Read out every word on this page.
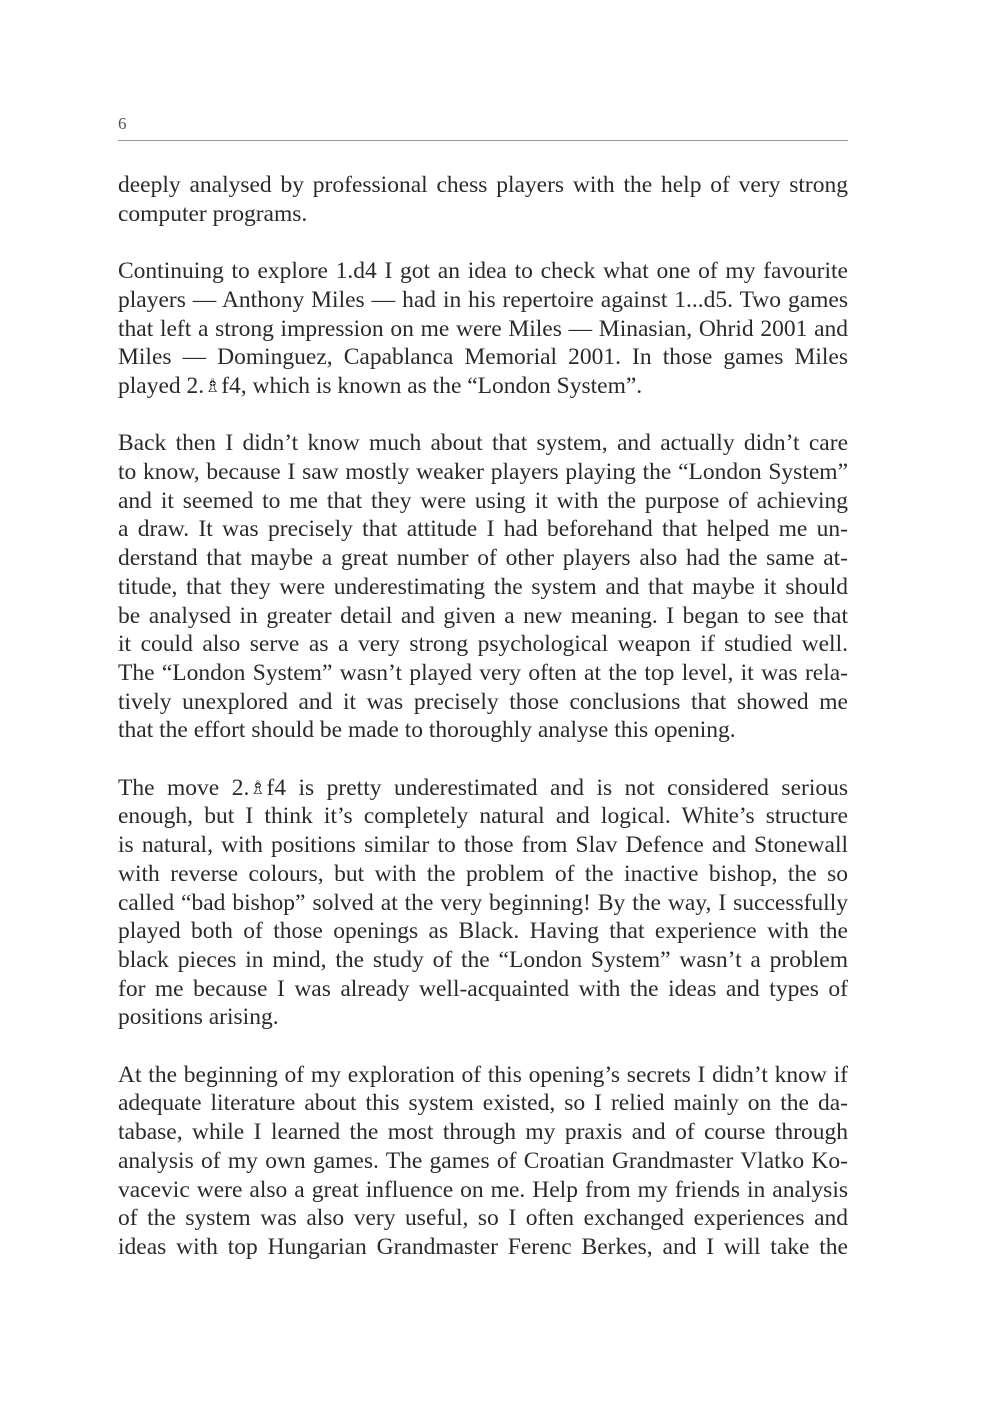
6

deeply analysed by professional chess players with the help of very strong
computer programs.

Continuing to explore 1.d4 I got an idea to check what one of my favourite
players — Anthony Miles — had in his repertoire against 1...d5. Two games
that left a strong impression on me were Miles — Minasian, Ohrid 2001 and
Miles — Dominguez, Capablanca Memorial 2001. In those games Miles
played 2.♗f4, which is known as the “London System”.

Back then I didn’t know much about that system, and actually didn’t care
to know, because I saw mostly weaker players playing the “London System”
and it seemed to me that they were using it with the purpose of achieving
a draw. It was precisely that attitude I had beforehand that helped me un-
derstand that maybe a great number of other players also had the same at-
titude, that they were underestimating the system and that maybe it should
be analysed in greater detail and given a new meaning. I began to see that
it could also serve as a very strong psychological weapon if studied well.
The “London System” wasn’t played very often at the top level, it was rela-
tively unexplored and it was precisely those conclusions that showed me
that the effort should be made to thoroughly analyse this opening.

The move 2.♗f4 is pretty underestimated and is not considered serious
enough, but I think it’s completely natural and logical. White’s structure
is natural, with positions similar to those from Slav Defence and Stonewall
with reverse colours, but with the problem of the inactive bishop, the so
called “bad bishop” solved at the very beginning! By the way, I successfully
played both of those openings as Black. Having that experience with the
black pieces in mind, the study of the “London System” wasn’t a problem
for me because I was already well-acquainted with the ideas and types of
positions arising.

At the beginning of my exploration of this opening’s secrets I didn’t know if
adequate literature about this system existed, so I relied mainly on the da-
tabase, while I learned the most through my praxis and of course through
analysis of my own games. The games of Croatian Grandmaster Vlatko Ko-
vacevic were also a great influence on me. Help from my friends in analysis
of the system was also very useful, so I often exchanged experiences and
ideas with top Hungarian Grandmaster Ferenc Berkes, and I will take the
